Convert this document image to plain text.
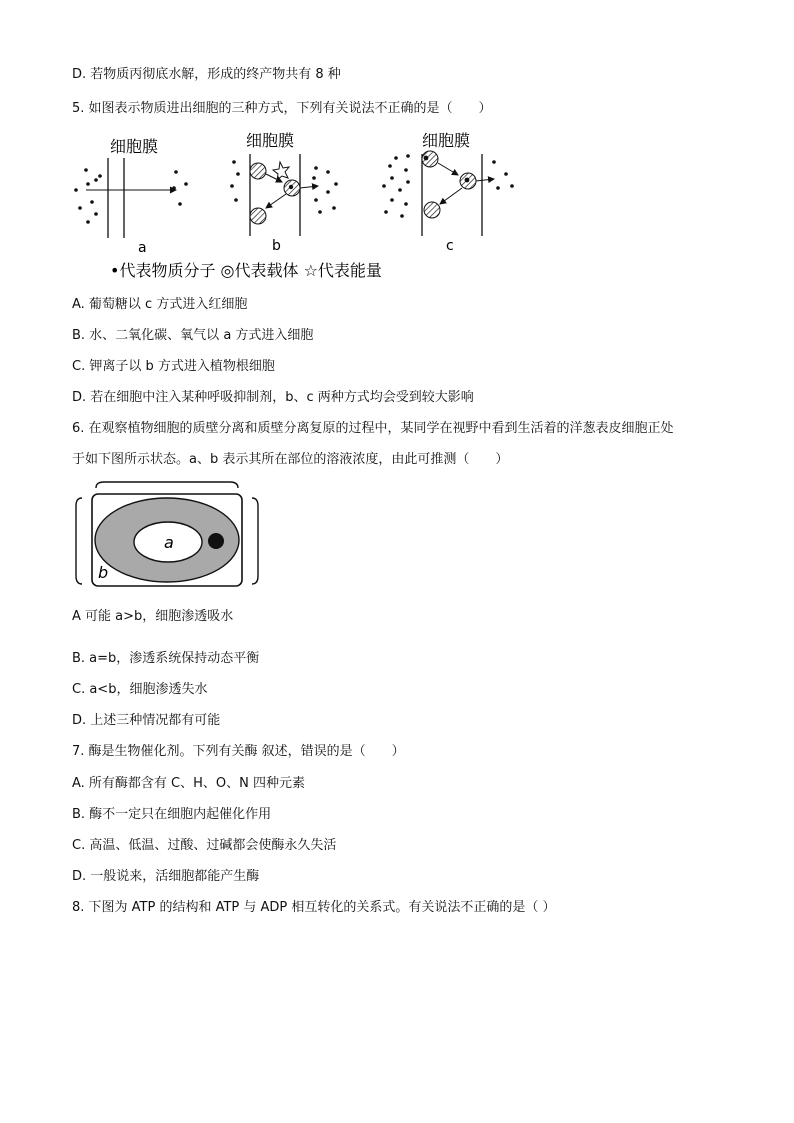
D. 若物质丙彻底水解，形成的终产物共有 8 种
5. 如图表示物质进出细胞的三种方式，下列有关说法不正确的是（　　）
细胞膜
a
细胞膜
b
细胞膜
c
•代表物质分子 ◎代表载体 ☆代表能量
A. 葡萄糖以 c 方式进入红细胞
B. 水、二氧化碳、氧气以 a 方式进入细胞
C. 钾离子以 b 方式进入植物根细胞
D. 若在细胞中注入某种呼吸抑制剂，b、c 两种方式均会受到较大影响
6. 在观察植物细胞的质壁分离和质壁分离复原的过程中，某同学在视野中看到生活着的洋葱表皮细胞正处
于如下图所示状态。a、b 表示其所在部位的溶液浓度，由此可推测（　　）
a
b
A 可能 a>b，细胞渗透吸水
B. a=b，渗透系统保持动态平衡
C. a<b，细胞渗透失水
D. 上述三种情况都有可能
7. 酶是生物催化剂。下列有关酶 叙述，错误的是（　　）
A. 所有酶都含有 C、H、O、N 四种元素
B. 酶不一定只在细胞内起催化作用
C. 高温、低温、过酸、过碱都会使酶永久失活
D. 一般说来，活细胞都能产生酶
8. 下图为 ATP 的结构和 ATP 与 ADP 相互转化的关系式。有关说法不正确的是（ ）
